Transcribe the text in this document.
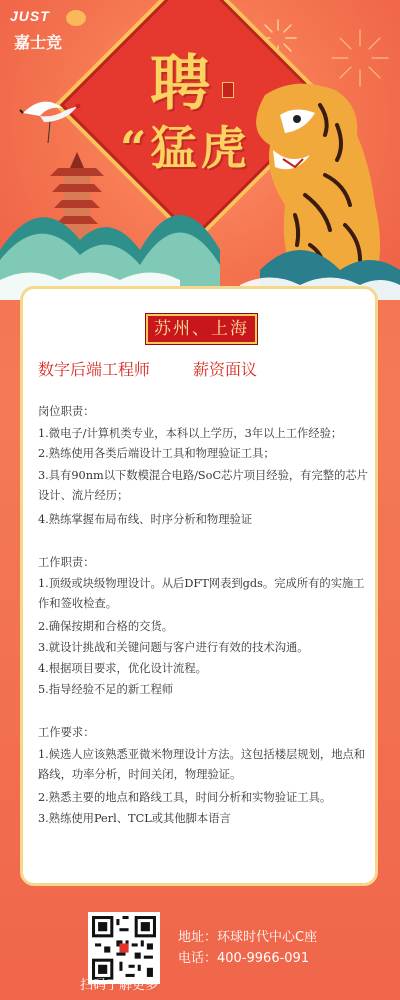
JUST
嘉士竞
聘
“猛虎
苏州、上海
数字后端工程师	薪资面议
岗位职责：
1.微电子/计算机类专业，本科以上学历，3年以上工作经验；
2.熟练使用各类后端设计工具和物理验证工具；
3.具有90nm以下数模混合电路/SoC芯片项目经验，有完整的芯片设计、流片经历；
4.熟练掌握布局布线、时序分析和物理验证
工作职责：
1.顶级或块级物理设计。从后DFT网表到gds。完成所有的实施工作和签收检查。
2.确保按期和合格的交货。
3.就设计挑战和关键问题与客户进行有效的技术沟通。
4.根据项目要求，优化设计流程。
5.指导经验不足的新工程师
工作要求：
1.候选人应该熟悉亚微米物理设计方法。这包括楼层规划，地点和路线，功率分析，时间关闭，物理验证。
2.熟悉主要的地点和路线工具，时间分析和实物验证工具。
3.熟练使用Perl、TCL或其他脚本语言
扫码了解更多
地址：环球时代中心C座
电话：400-9966-091
